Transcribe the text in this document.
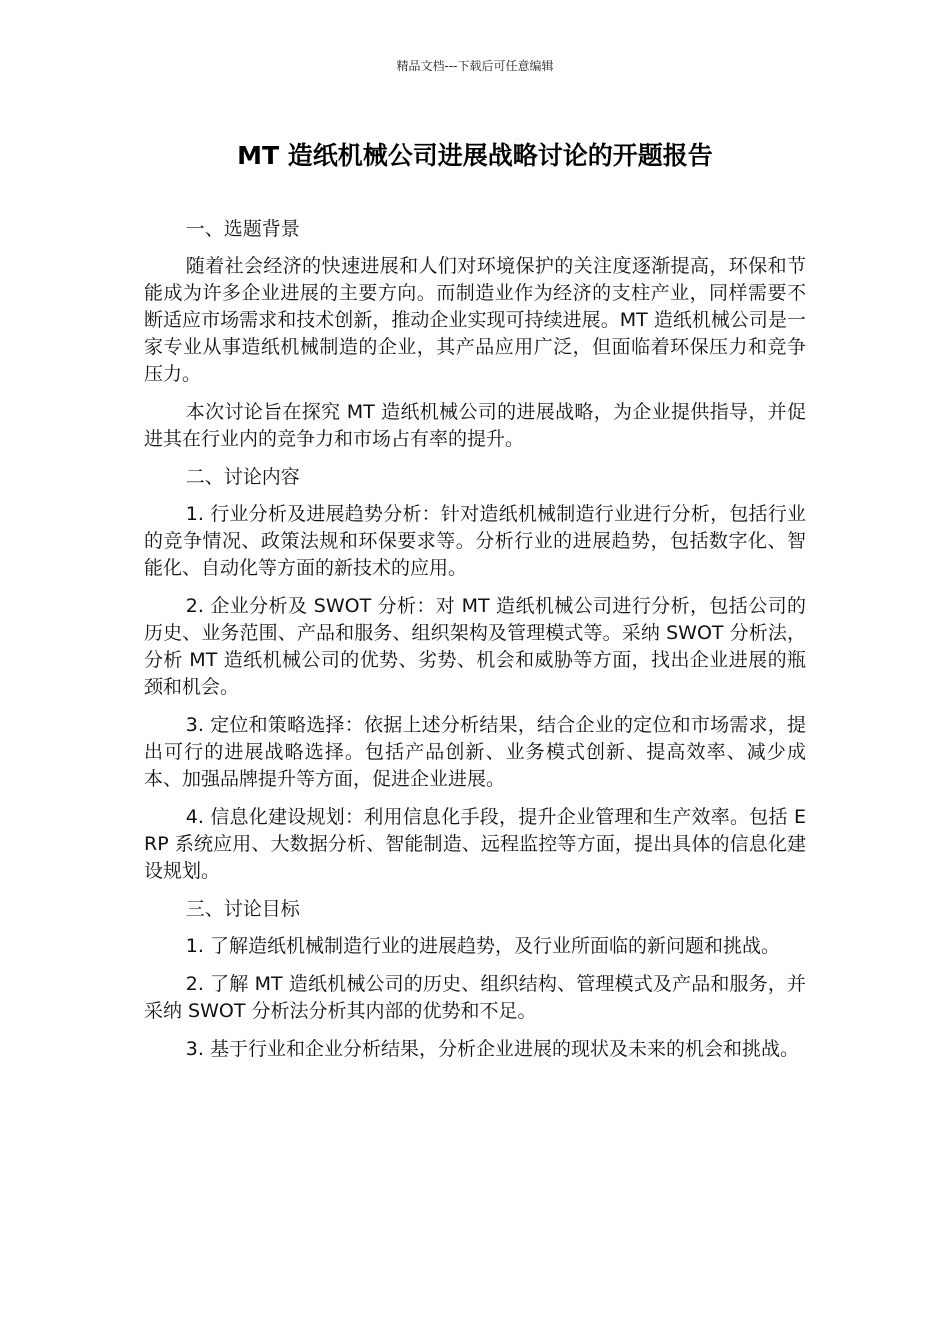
精品文档---下载后可任意编辑
MT 造纸机械公司进展战略讨论的开题报告

一、选题背景

随着社会经济的快速进展和人们对环境保护的关注度逐渐提高，环保和节能成为许多企业进展的主要方向。而制造业作为经济的支柱产业，同样需要不断适应市场需求和技术创新，推动企业实现可持续进展。MT 造纸机械公司是一家专业从事造纸机械制造的企业，其产品应用广泛，但面临着环保压力和竞争压力。

本次讨论旨在探究 MT 造纸机械公司的进展战略，为企业提供指导，并促进其在行业内的竞争力和市场占有率的提升。

二、讨论内容

1. 行业分析及进展趋势分析：针对造纸机械制造行业进行分析，包括行业的竞争情况、政策法规和环保要求等。分析行业的进展趋势，包括数字化、智能化、自动化等方面的新技术的应用。

2. 企业分析及 SWOT 分析：对 MT 造纸机械公司进行分析，包括公司的历史、业务范围、产品和服务、组织架构及管理模式等。采纳 SWOT 分析法，分析 MT 造纸机械公司的优势、劣势、机会和威胁等方面，找出企业进展的瓶颈和机会。

3. 定位和策略选择：依据上述分析结果，结合企业的定位和市场需求，提出可行的进展战略选择。包括产品创新、业务模式创新、提高效率、减少成本、加强品牌提升等方面，促进企业进展。

4. 信息化建设规划：利用信息化手段，提升企业管理和生产效率。包括 ERP 系统应用、大数据分析、智能制造、远程监控等方面，提出具体的信息化建设规划。

三、讨论目标

1. 了解造纸机械制造行业的进展趋势，及行业所面临的新问题和挑战。

2. 了解 MT 造纸机械公司的历史、组织结构、管理模式及产品和服务，并采纳 SWOT 分析法分析其内部的优势和不足。

3. 基于行业和企业分析结果，分析企业进展的现状及未来的机会和挑战。
